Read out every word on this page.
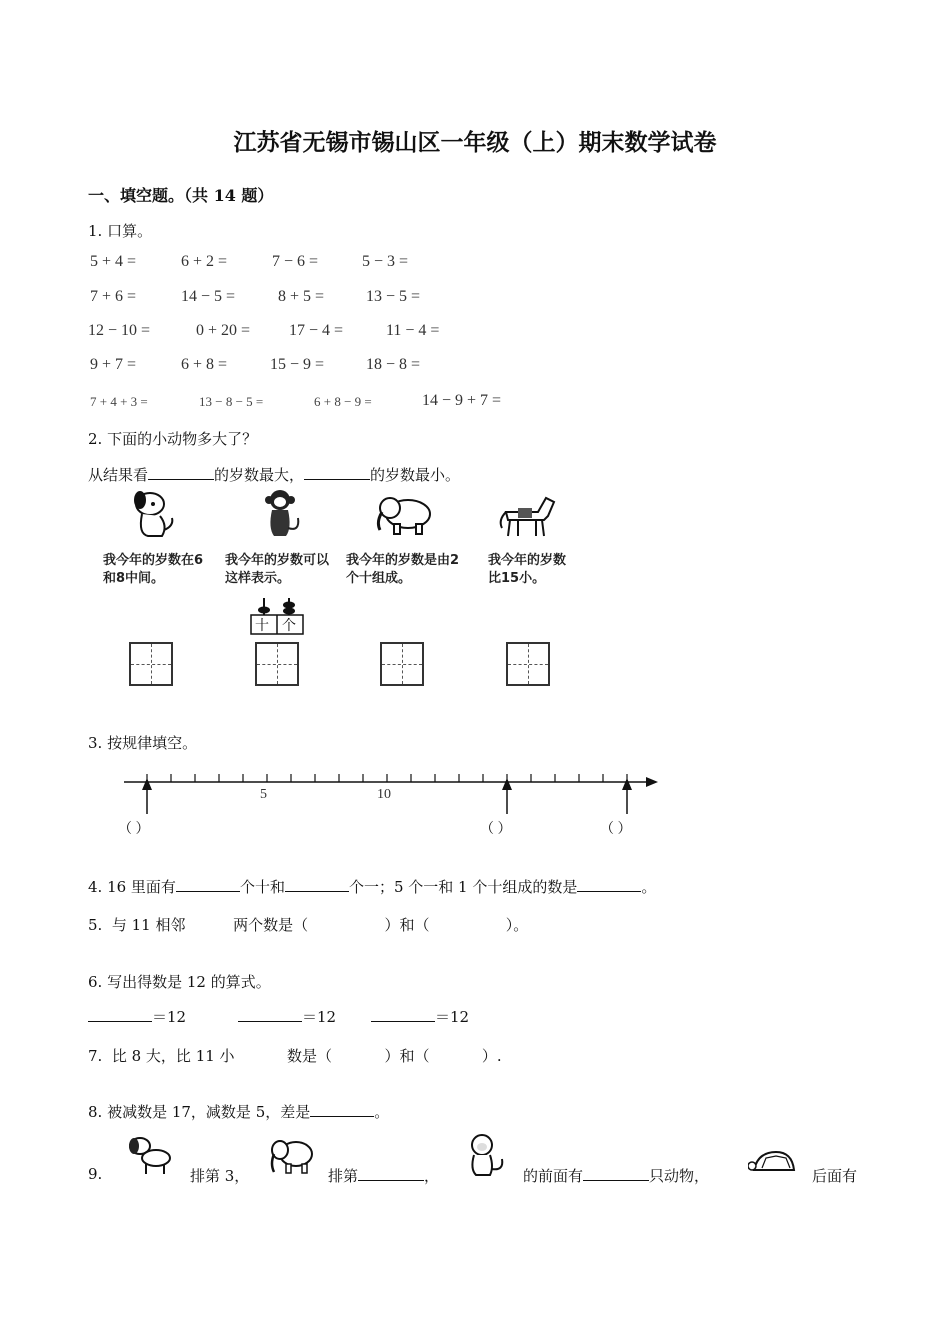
江苏省无锡市锡山区一年级（上）期末数学试卷
一、填空题。（共 14 题）
1. 口算。
5 + 4 =	6 + 2 =	7 − 6 =	5 − 3 =
7 + 6 =	14 − 5 =	8 + 5 =	13 − 5 =
12 − 10 =	0 + 20 = 17 − 4 =	11 − 4 =
9 + 7 =	6 + 8 =	15 − 9 =	18 − 8 =
7 + 4 + 3 =	13 − 8 − 5 =	6 + 8 − 9 =	14 − 9 + 7 =
2. 下面的小动物多大了？
从结果看	的岁数最大，	的岁数最小。
我今年的岁数在6和8中间。
我今年的岁数可以这样表示。
我今年的岁数是由2个十组成。
我今年的岁数比15小。
十 个
3. 按规律填空。
5	10
（ ）	（ ）	（ ）
4. 16 里面有	个十和	个一；5 个一和 1 个十组成的数是	。
5.  与 11 相邻          两个数是（                ）和（                ）。
6. 写出得数是 12 的算式。
＝12	＝12	＝12
7.  比 8 大，比 11 小           数是（           ）和（           ）.
8. 被减数是 17，减数是 5，差是	。
9.	排第 3，	排第	，	的前面有	只动物，	后面有
